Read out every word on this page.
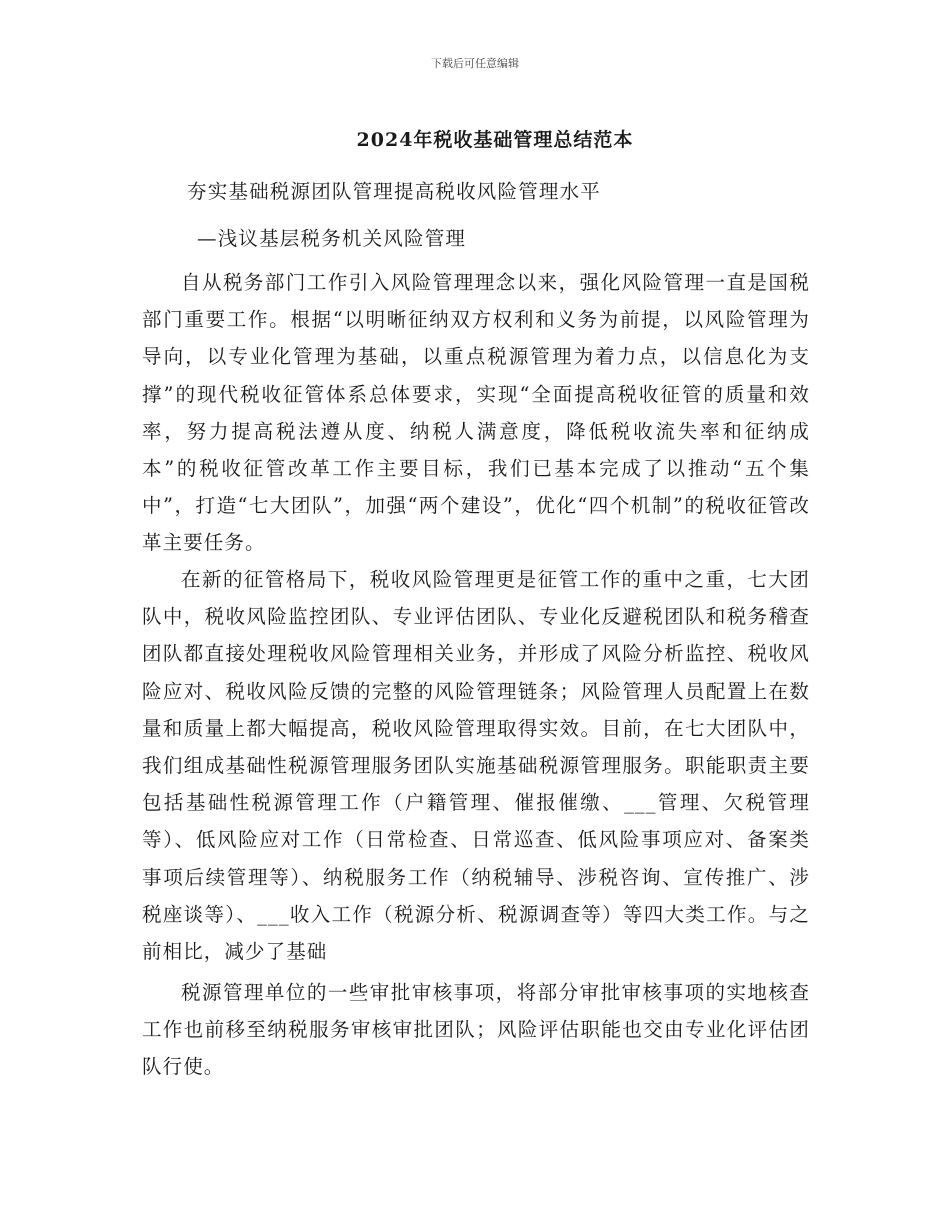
下载后可任意编辑
2024年税收基础管理总结范本
夯实基础税源团队管理提高税收风险管理水平
—浅议基层税务机关风险管理

自从税务部门工作引入风险管理理念以来，强化风险管理一直是国税部门重要工作。根据“以明晰征纳双方权利和义务为前提，以风险管理为导向，以专业化管理为基础，以重点税源管理为着力点，以信息化为支撑”的现代税收征管体系总体要求，实现“全面提高税收征管的质量和效率，努力提高税法遵从度、纳税人满意度，降低税收流失率和征纳成本”的税收征管改革工作主要目标，我们已基本完成了以推动“五个集中”，打造“七大团队”，加强“两个建设”，优化“四个机制”的税收征管改革主要任务。

在新的征管格局下，税收风险管理更是征管工作的重中之重，七大团队中，税收风险监控团队、专业评估团队、专业化反避税团队和税务稽查团队都直接处理税收风险管理相关业务，并形成了风险分析监控、税收风险应对、税收风险反馈的完整的风险管理链条；风险管理人员配置上在数量和质量上都大幅提高，税收风险管理取得实效。目前，在七大团队中，我们组成基础性税源管理服务团队实施基础税源管理服务。职能职责主要包括基础性税源管理工作（户籍管理、催报催缴、___管理、欠税管理等）、低风险应对工作（日常检查、日常巡查、低风险事项应对、备案类事项后续管理等）、纳税服务工作（纳税辅导、涉税咨询、宣传推广、涉税座谈等）、___收入工作（税源分析、税源调查等）等四大类工作。与之前相比，减少了基础

税源管理单位的一些审批审核事项，将部分审批审核事项的实地核查工作也前移至纳税服务审核审批团队；风险评估职能也交由专业化评估团队行使。
